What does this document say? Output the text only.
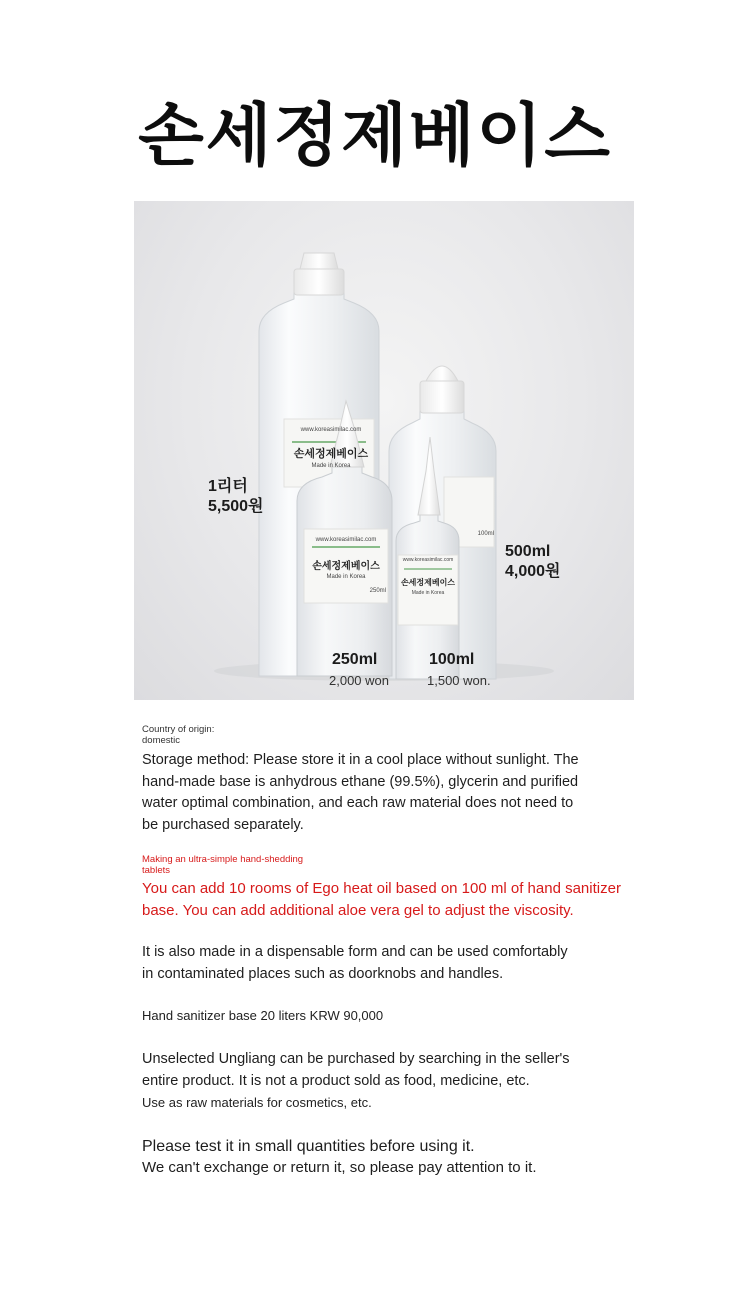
손세정제베이스
www.koreasimilac.com
손세정제베이스
Made in Korea
www.koreasimilac.com
손세정제베이스
Made in Korea
250ml
www.koreasimilac.com
손세정제베이스
Made in Korea
100ml
1리터
5,500원
500ml
4,000원
250ml
2,000 won
100ml
1,500 won.
Country of origin:
domestic
Storage method: Please store it in a cool place without sunlight. The
hand-made base is anhydrous ethane (99.5%), glycerin and purified
water optimal combination, and each raw material does not need to
be purchased separately.
Making an ultra-simple hand-shedding
tablets
You can add 10 rooms of Ego heat oil based on 100 ml of hand sanitizer
base. You can add additional aloe vera gel to adjust the viscosity.
It is also made in a dispensable form and can be used comfortably
in contaminated places such as doorknobs and handles.
Hand sanitizer base 20 liters KRW 90,000
Unselected Ungliang can be purchased by searching in the seller's
entire product. It is not a product sold as food, medicine, etc.
Use as raw materials for cosmetics, etc.
Please test it in small quantities before using it.
We can't exchange or return it, so please pay attention to it.
